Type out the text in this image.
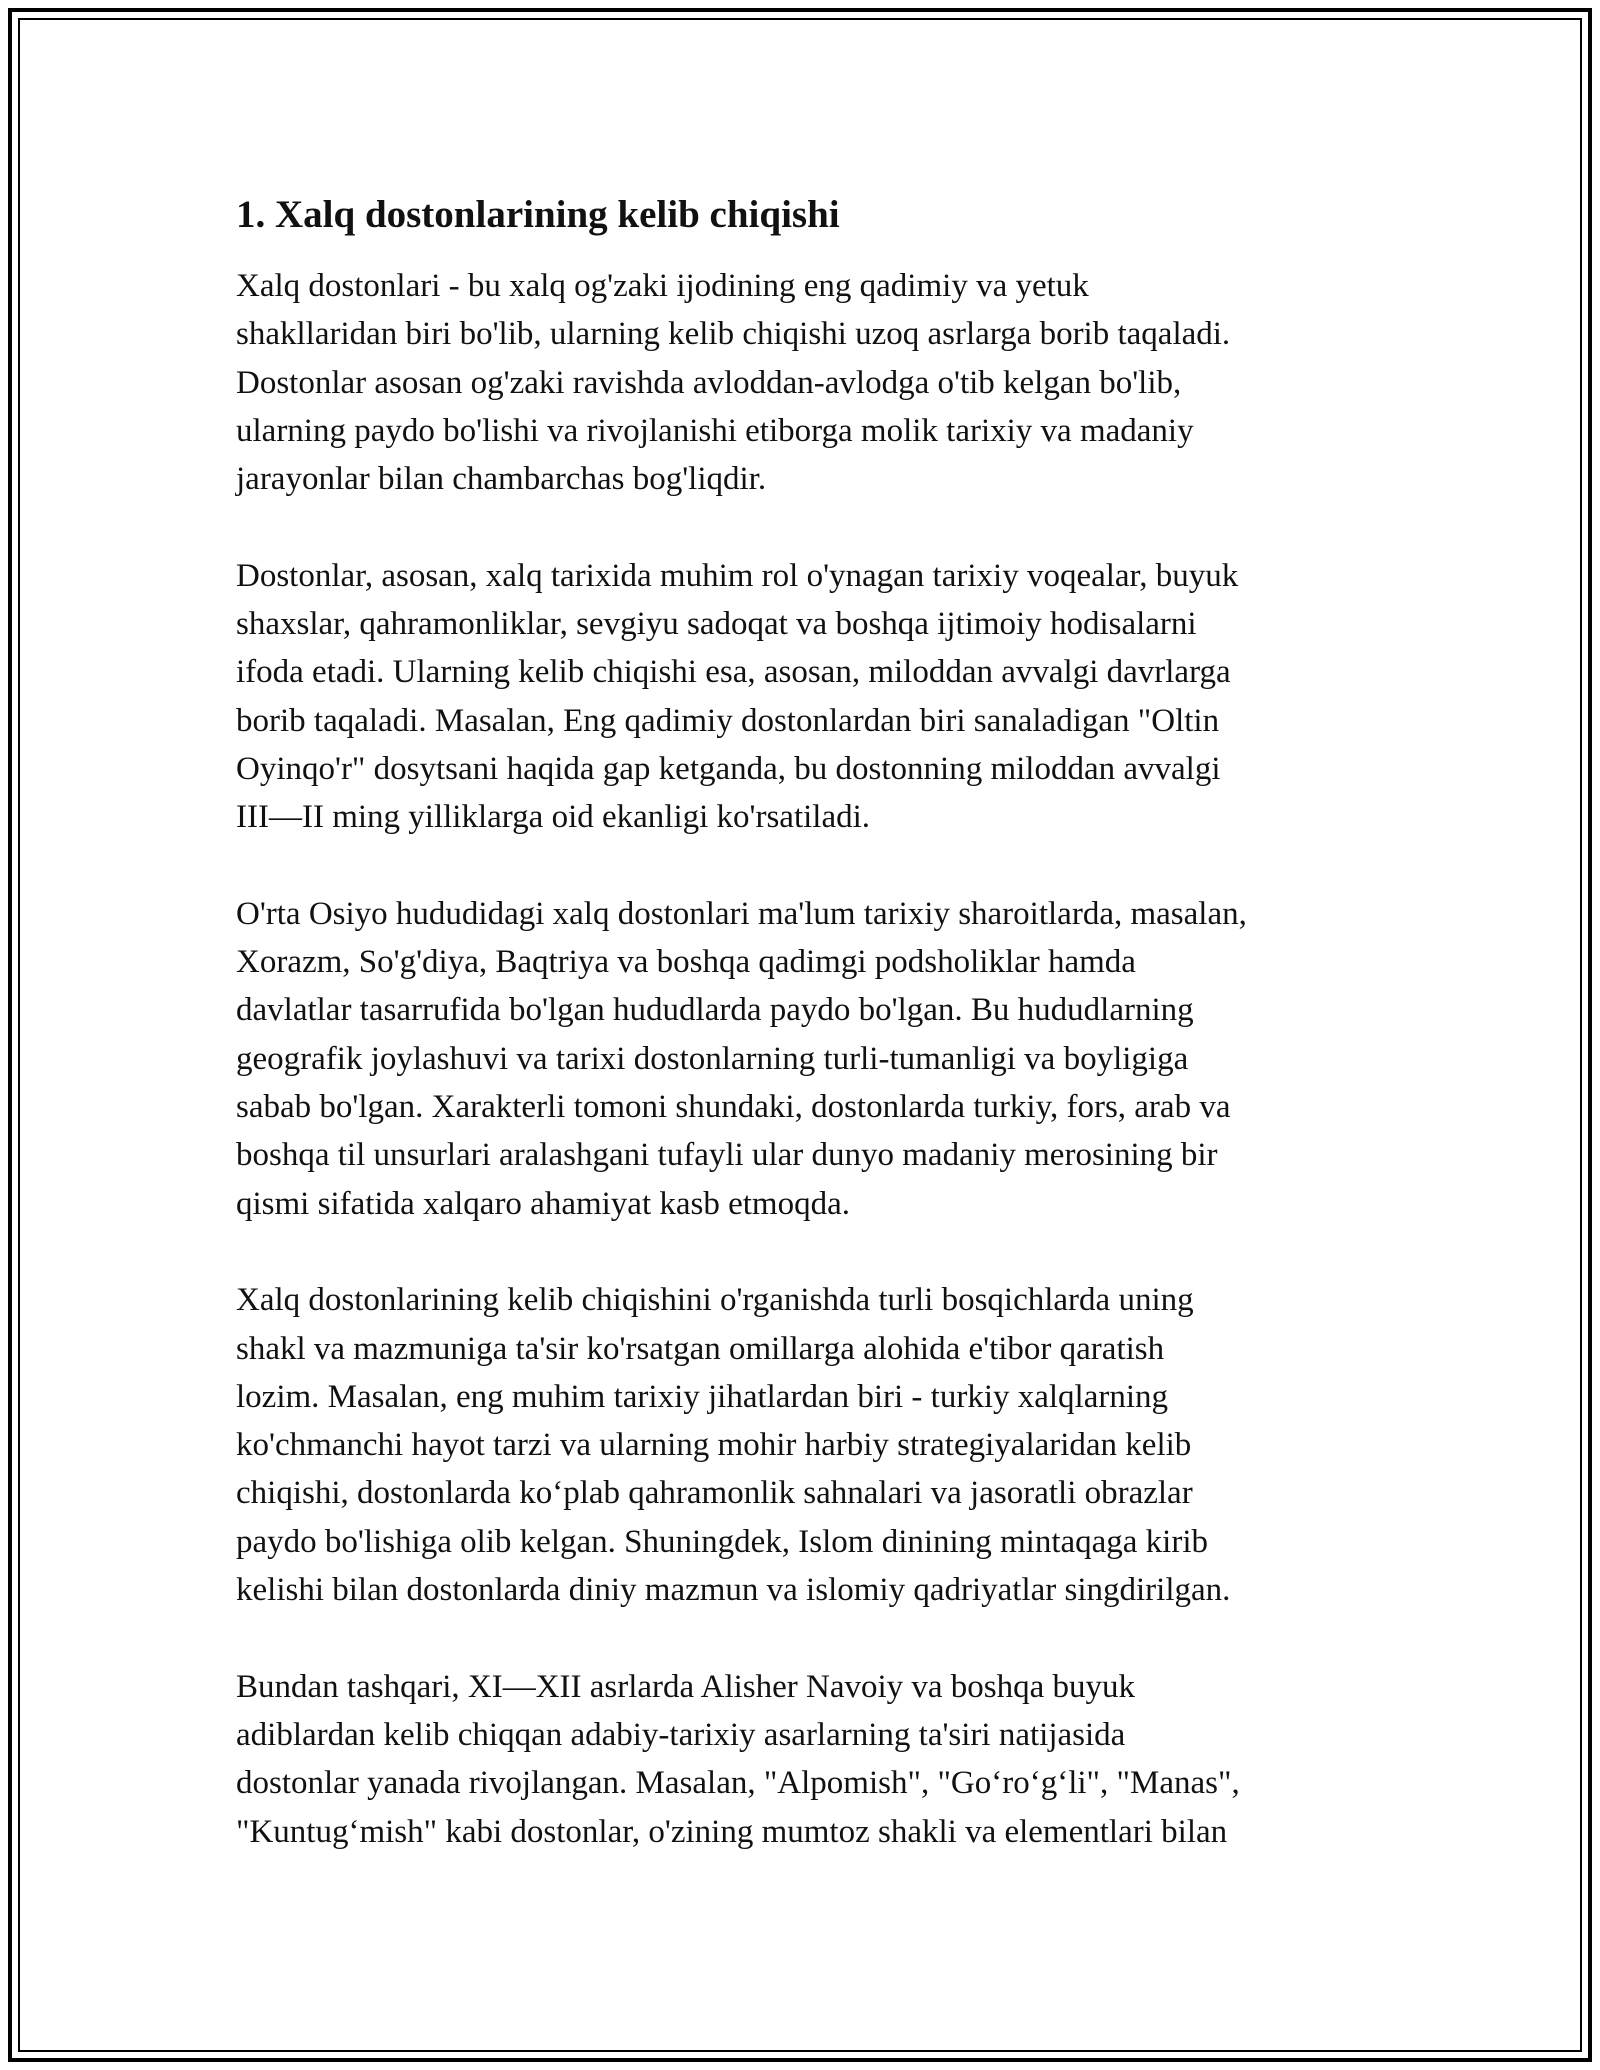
1. Xalq dostonlarining kelib chiqishi

Xalq dostonlari - bu xalq og'zaki ijodining eng qadimiy va yetuk
shakllaridan biri bo'lib, ularning kelib chiqishi uzoq asrlarga borib taqaladi.
Dostonlar asosan og'zaki ravishda avloddan-avlodga o'tib kelgan bo'lib,
ularning paydo bo'lishi va rivojlanishi etiborga molik tarixiy va madaniy
jarayonlar bilan chambarchas bog'liqdir.

Dostonlar, asosan, xalq tarixida muhim rol o'ynagan tarixiy voqealar, buyuk
shaxslar, qahramonliklar, sevgiyu sadoqat va boshqa ijtimoiy hodisalarni
ifoda etadi. Ularning kelib chiqishi esa, asosan, miloddan avvalgi davrlarga
borib taqaladi. Masalan, Eng qadimiy dostonlardan biri sanaladigan "Oltin
Oyinqo'r" dosytsani haqida gap ketganda, bu dostonning miloddan avvalgi
III—II ming yilliklarga oid ekanligi ko'rsatiladi.

O'rta Osiyo hududidagi xalq dostonlari ma'lum tarixiy sharoitlarda, masalan,
Xorazm, So'g'diya, Baqtriya va boshqa qadimgi podsholiklar hamda
davlatlar tasarrufida bo'lgan hududlarda paydo bo'lgan. Bu hududlarning
geografik joylashuvi va tarixi dostonlarning turli-tumanligi va boyligiga
sabab bo'lgan. Xarakterli tomoni shundaki, dostonlarda turkiy, fors, arab va
boshqa til unsurlari aralashgani tufayli ular dunyo madaniy merosining bir
qismi sifatida xalqaro ahamiyat kasb etmoqda.

Xalq dostonlarining kelib chiqishini o'rganishda turli bosqichlarda uning
shakl va mazmuniga ta'sir ko'rsatgan omillarga alohida e'tibor qaratish
lozim. Masalan, eng muhim tarixiy jihatlardan biri - turkiy xalqlarning
ko'chmanchi hayot tarzi va ularning mohir harbiy strategiyalaridan kelib
chiqishi, dostonlarda ko‘plab qahramonlik sahnalari va jasoratli obrazlar
paydo bo'lishiga olib kelgan. Shuningdek, Islom dinining mintaqaga kirib
kelishi bilan dostonlarda diniy mazmun va islomiy qadriyatlar singdirilgan.

Bundan tashqari, XI—XII asrlarda Alisher Navoiy va boshqa buyuk
adiblardan kelib chiqqan adabiy-tarixiy asarlarning ta'siri natijasida
dostonlar yanada rivojlangan. Masalan, "Alpomish", "Go‘ro‘g‘li", "Manas",
"Kuntug‘mish" kabi dostonlar, o'zining mumtoz shakli va elementlari bilan
